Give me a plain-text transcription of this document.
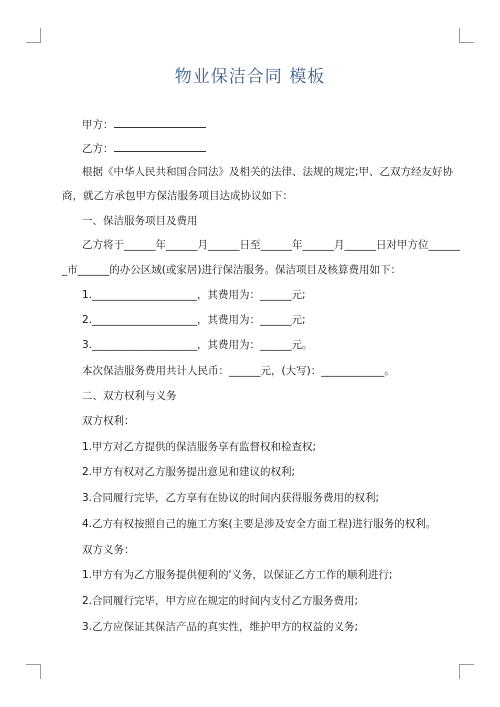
物业保洁合同 模板
甲方：
乙方：
根据《中华人民共和国合同法》及相关的法律、法规的规定;甲、乙双方经友好协
商，就乙方承包甲方保洁服务项目达成协议如下：
一、保洁服务项目及费用
乙方将于______年______月______日至______年______月______日对甲方位______
_市______的办公区域(或家居)进行保洁服务。保洁项目及核算费用如下：
1.____________________，其费用为：______元;
2.____________________，其费用为：______元;
3.____________________，其费用为：______元。
本次保洁服务费用共计人民币：______元，(大写)：____________。
二、双方权利与义务
双方权利：
1.甲方对乙方提供的保洁服务享有监督权和检查权;
2.甲方有权对乙方服务提出意见和建议的权利;
3.合同履行完毕，乙方享有在协议的时间内获得服务费用的权利;
4.乙方有权按照自己的施工方案(主要是涉及安全方面工程)进行服务的权利。
双方义务：
1.甲方有为乙方服务提供便利的'义务，以保证乙方工作的顺利进行;
2.合同履行完毕，甲方应在规定的时间内支付乙方服务费用;
3.乙方应保证其保洁产品的真实性，维护甲方的权益的义务;
